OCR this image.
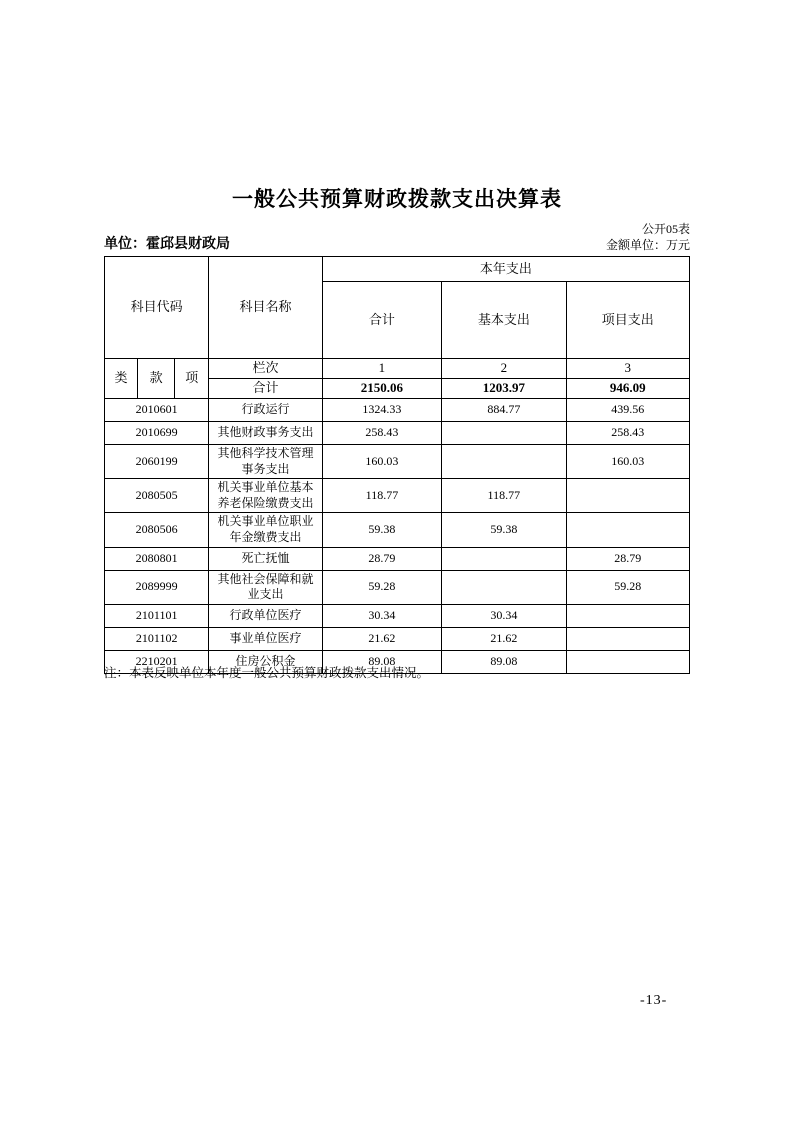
一般公共预算财政拨款支出决算表
公开05表
单位：霍邱县财政局	金额单位：万元
科目代码			科目名称	本年支出		
				合计	基本支出	项目支出
类	款	项	栏次	1	2	3
			合计	2150.06	1203.97	946.09
2010601			行政运行	1324.33	884.77	439.56
2010699			其他财政事务支出	258.43		258.43
2060199			其他科学技术管理事务支出	160.03		160.03
2080505			机关事业单位基本养老保险缴费支出	118.77	118.77	
2080506			机关事业单位职业年金缴费支出	59.38	59.38	
2080801			死亡抚恤	28.79		28.79
2089999			其他社会保障和就业支出	59.28		59.28
2101101			行政单位医疗	30.34	30.34	
2101102			事业单位医疗	21.62	21.62	
2210201			住房公积金	89.08	89.08	
注：本表反映单位本年度一般公共预算财政拨款支出情况。
-13-
